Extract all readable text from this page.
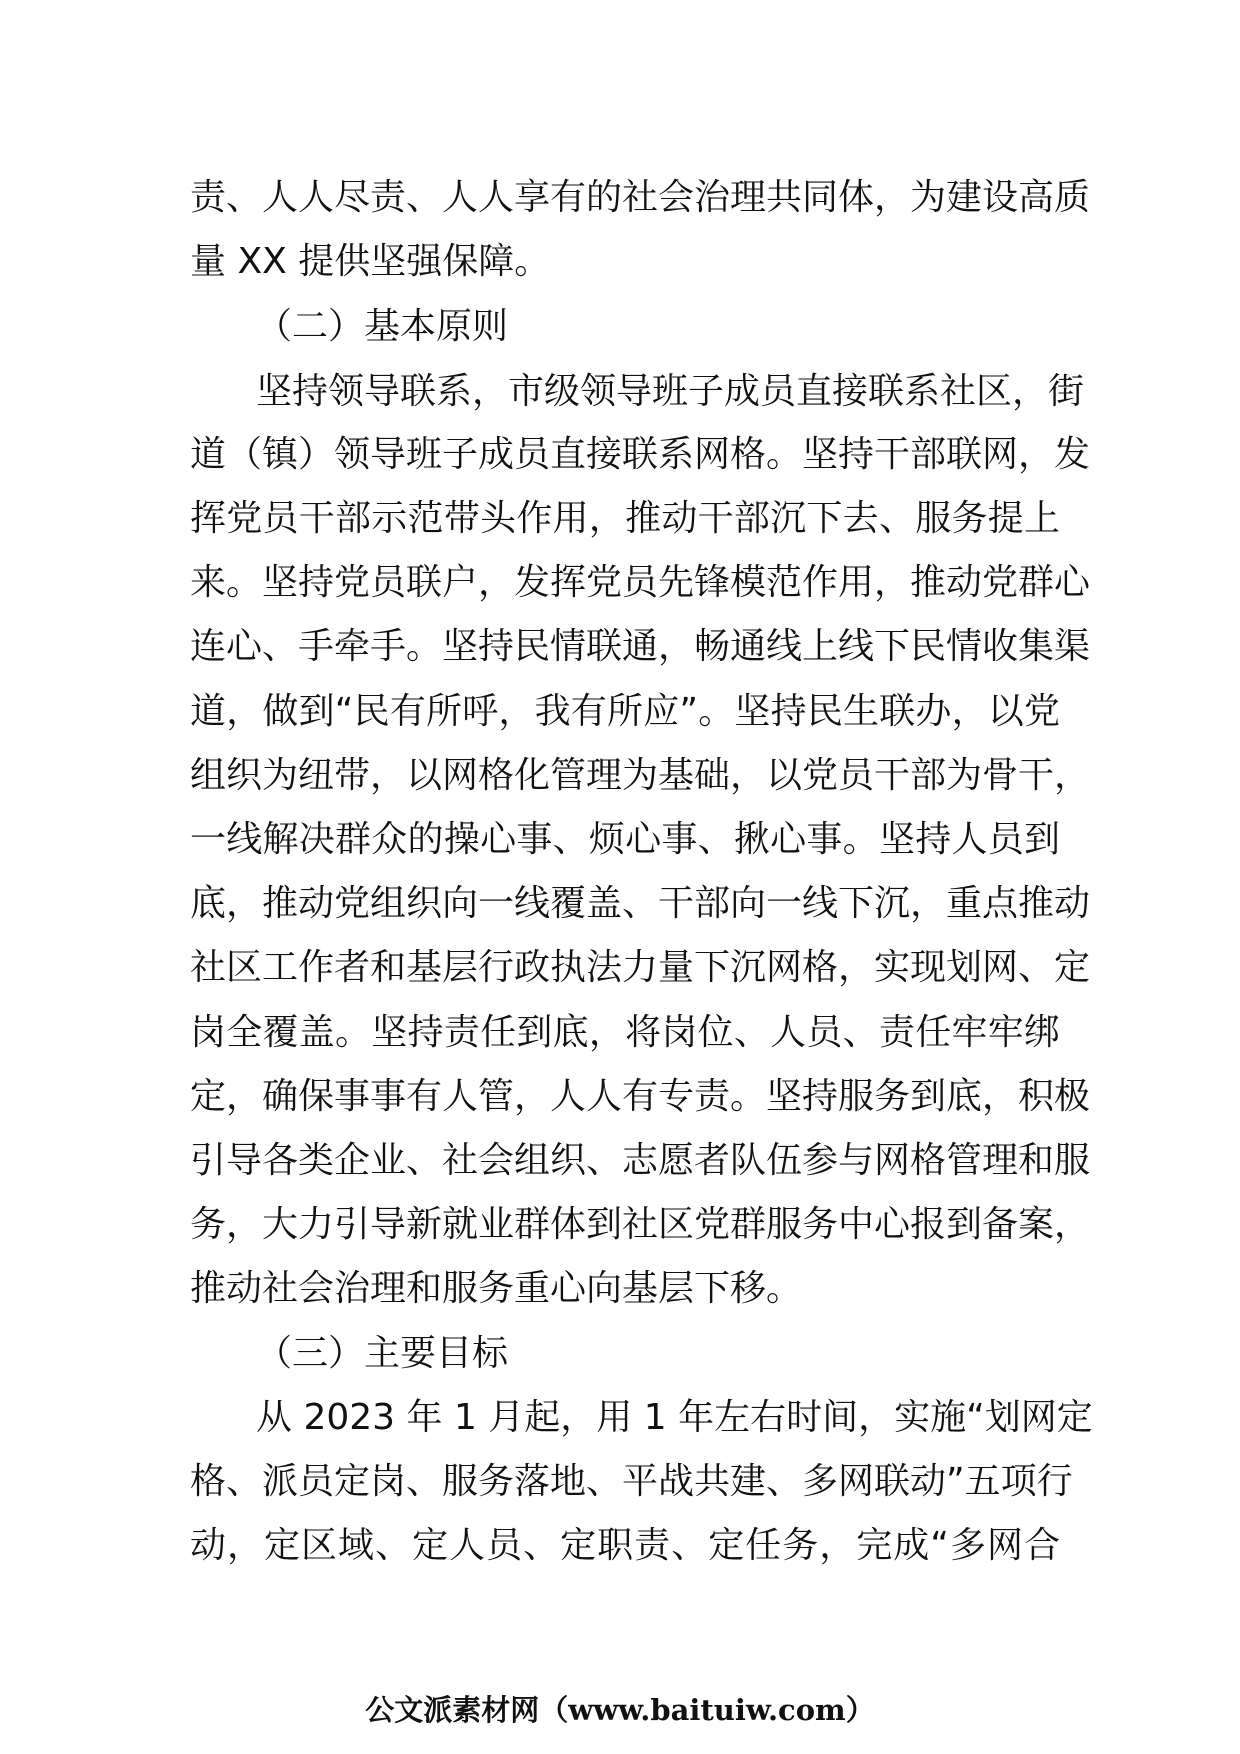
责、人人尽责、人人享有的社会治理共同体，为建设高质
量 XX 提供坚强保障。
（二）基本原则
坚持领导联系，市级领导班子成员直接联系社区，街
道（镇）领导班子成员直接联系网格。坚持干部联网，发
挥党员干部示范带头作用，推动干部沉下去、服务提上
来。坚持党员联户，发挥党员先锋模范作用，推动党群心
连心、手牵手。坚持民情联通，畅通线上线下民情收集渠
道，做到“民有所呼，我有所应”。坚持民生联办，以党
组织为纽带，以网格化管理为基础，以党员干部为骨干，
一线解决群众的操心事、烦心事、揪心事。坚持人员到
底，推动党组织向一线覆盖、干部向一线下沉，重点推动
社区工作者和基层行政执法力量下沉网格，实现划网、定
岗全覆盖。坚持责任到底，将岗位、人员、责任牢牢绑
定，确保事事有人管，人人有专责。坚持服务到底，积极
引导各类企业、社会组织、志愿者队伍参与网格管理和服
务，大力引导新就业群体到社区党群服务中心报到备案，
推动社会治理和服务重心向基层下移。
（三）主要目标
从 2023 年 1 月起，用 1 年左右时间，实施“划网定
格、派员定岗、服务落地、平战共建、多网联动”五项行
动，定区域、定人员、定职责、定任务，完成“多网合
公文派素材网（www.baituiw.com）
